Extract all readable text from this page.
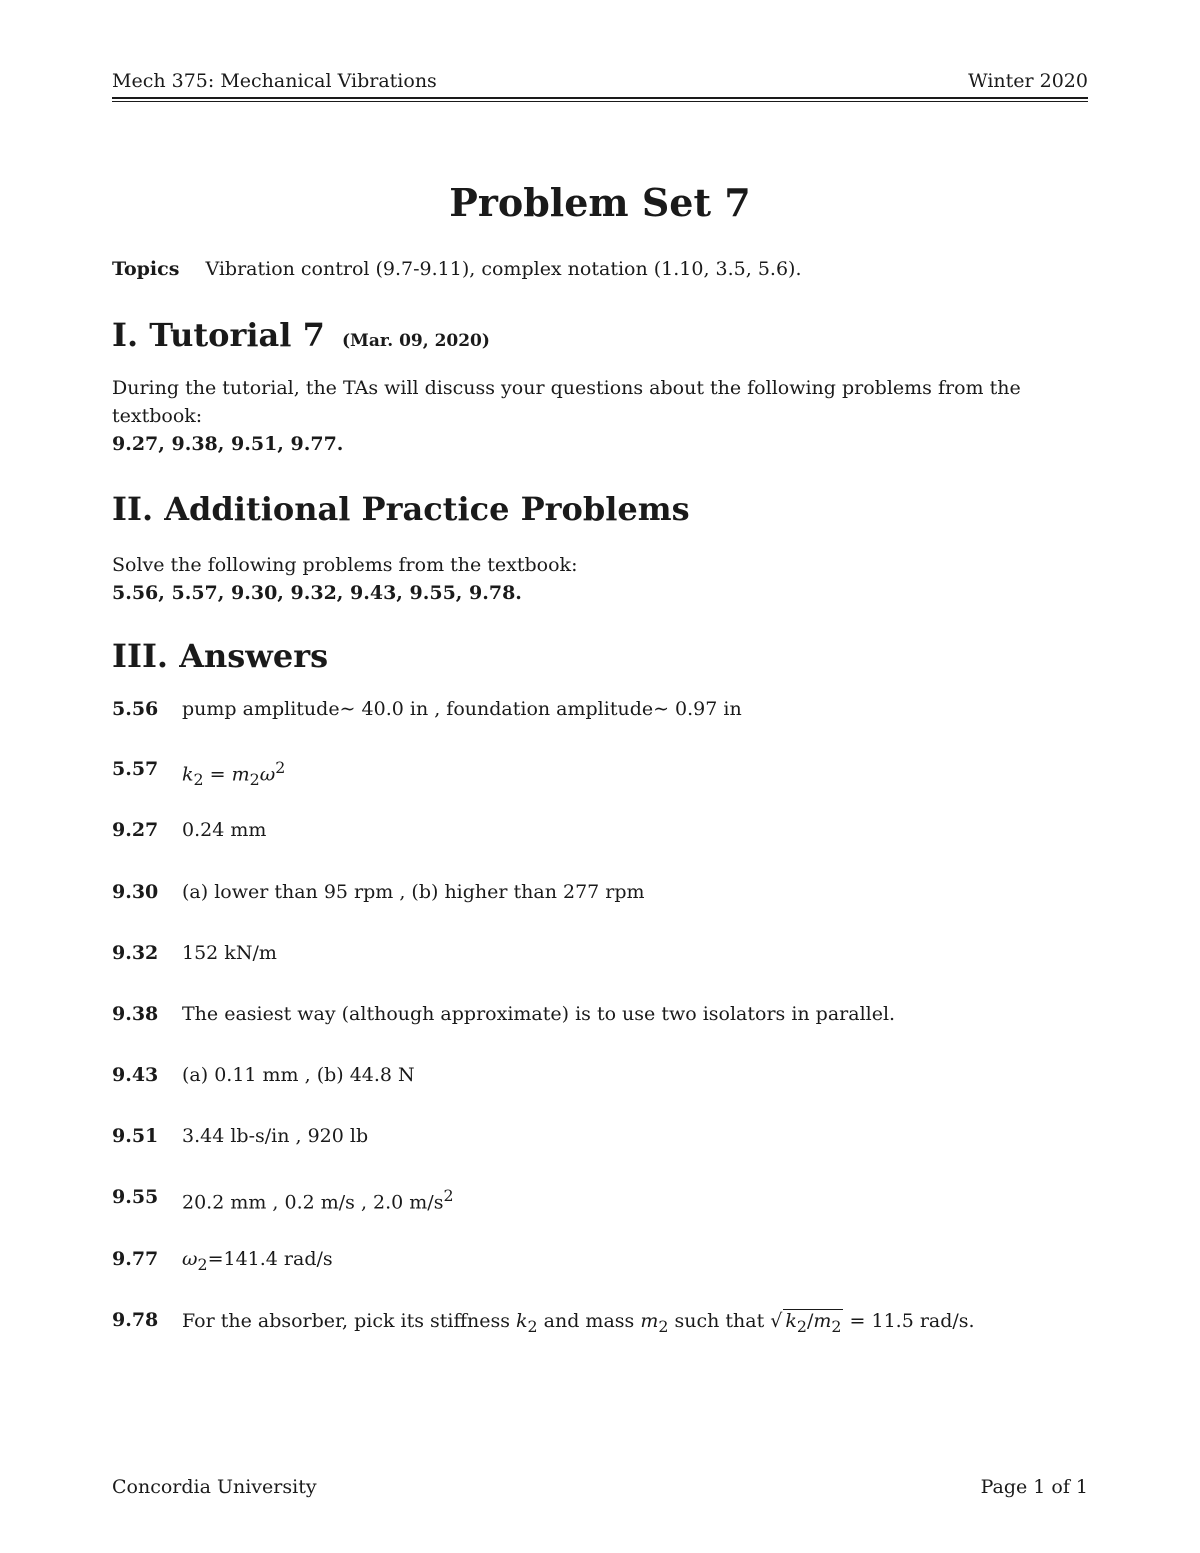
Mech 375: Mechanical Vibrations	Winter 2020
Problem Set 7
Topics Vibration control (9.7-9.11), complex notation (1.10, 3.5, 5.6).
I. Tutorial 7 (Mar. 09, 2020)
During the tutorial, the TAs will discuss your questions about the following problems from the textbook:
9.27, 9.38, 9.51, 9.77.
II. Additional Practice Problems
Solve the following problems from the textbook:
5.56, 5.57, 9.30, 9.32, 9.43, 9.55, 9.78.
III. Answers
5.56	pump amplitude∼ 40.0 in , foundation amplitude∼ 0.97 in
5.57	$k_2 = m_2\omega^2$
9.27	0.24 mm
9.30	(a) lower than 95 rpm , (b) higher than 277 rpm
9.32	152 kN/m
9.38	The easiest way (although approximate) is to use two isolators in parallel.
9.43	(a) 0.11 mm , (b) 44.8 N
9.51	3.44 lb-s/in , 920 lb
9.55	20.2 mm , 0.2 m/s , 2.0 $m/s^2$
9.77	$\omega_2=141.4$ rad/s
9.78	For the absorber, pick its stiffness $k_2$ and mass $m_2$ such that √ $k_2/m_2 = 11.5$ rad/s.
Concordia University	Page 1 of 1
